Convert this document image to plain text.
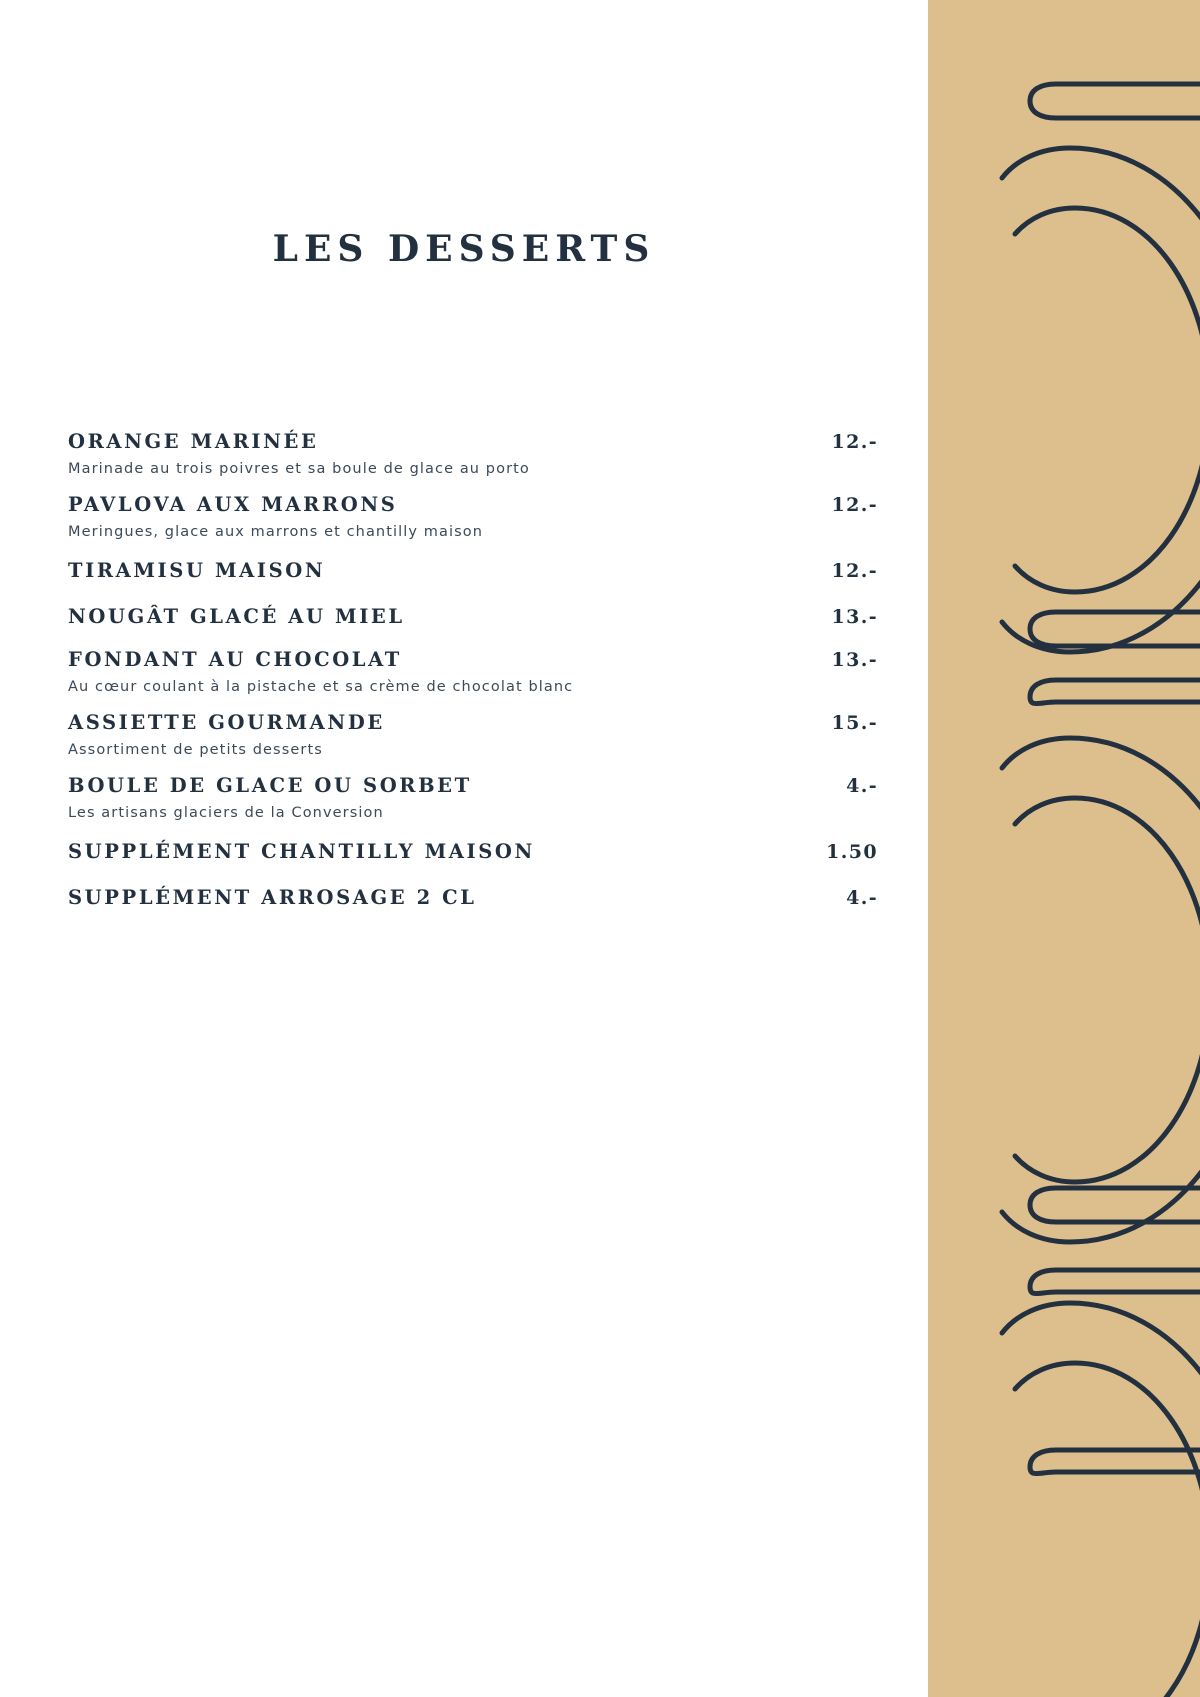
LES DESSERTS
ORANGE MARINÉE	12.-
Marinade au trois poivres et sa boule de glace au porto
PAVLOVA AUX MARRONS	12.-
Meringues, glace aux marrons et chantilly maison
TIRAMISU MAISON	12.-
NOUGÂT GLACÉ AU MIEL	13.-
FONDANT AU CHOCOLAT	13.-
Au cœur coulant à la pistache et sa crème de chocolat blanc
ASSIETTE GOURMANDE	15.-
Assortiment de petits desserts
BOULE DE GLACE OU SORBET	4.-
Les artisans glaciers de la Conversion
SUPPLÉMENT CHANTILLY MAISON	1.50
SUPPLÉMENT ARROSAGE 2 CL	4.-
